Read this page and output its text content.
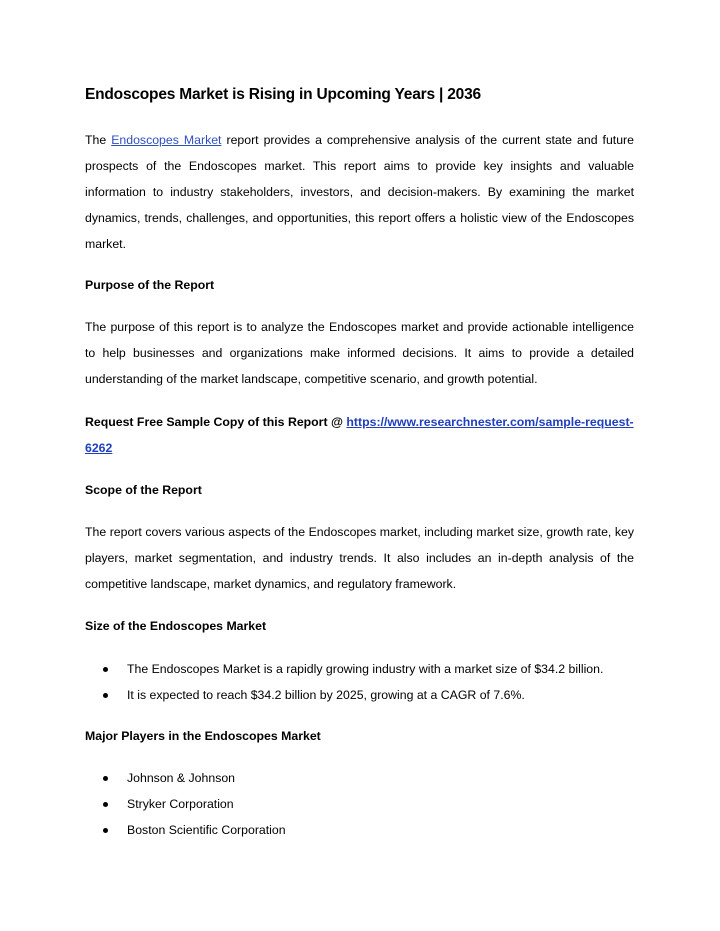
Endoscopes Market is Rising in Upcoming Years | 2036
The Endoscopes Market report provides a comprehensive analysis of the current state and future prospects of the Endoscopes market. This report aims to provide key insights and valuable information to industry stakeholders, investors, and decision-makers. By examining the market dynamics, trends, challenges, and opportunities, this report offers a holistic view of the Endoscopes market.
Purpose of the Report
The purpose of this report is to analyze the Endoscopes market and provide actionable intelligence to help businesses and organizations make informed decisions. It aims to provide a detailed understanding of the market landscape, competitive scenario, and growth potential.
Request Free Sample Copy of this Report @ https://www.researchnester.com/sample-request-6262
Scope of the Report
The report covers various aspects of the Endoscopes market, including market size, growth rate, key players, market segmentation, and industry trends. It also includes an in-depth analysis of the competitive landscape, market dynamics, and regulatory framework.
Size of the Endoscopes Market
The Endoscopes Market is a rapidly growing industry with a market size of $34.2 billion.
It is expected to reach $34.2 billion by 2025, growing at a CAGR of 7.6%.
Major Players in the Endoscopes Market
Johnson & Johnson
Stryker Corporation
Boston Scientific Corporation
